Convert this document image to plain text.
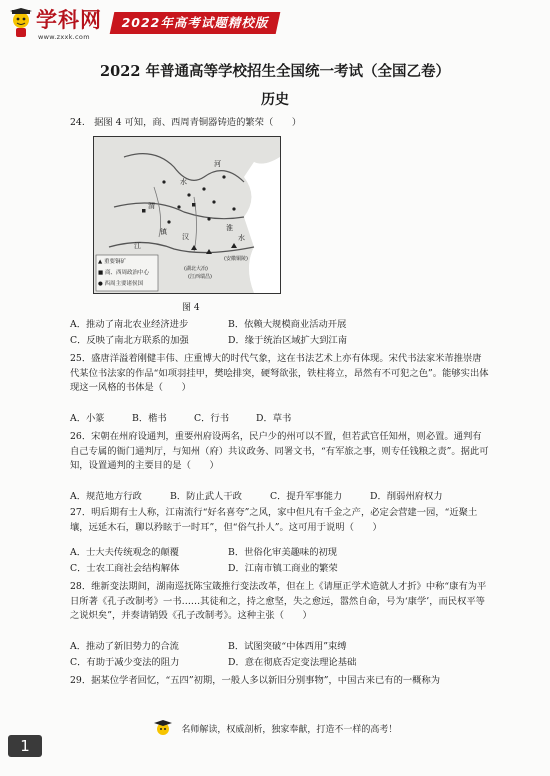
学科网
www.zxxk.com
2022年高考试题精校版
2022 年普通高等学校招生全国统一考试（全国乙卷）
历史
24.　据图 4 可知，商、西周青铜器铸造的繁荣（　　）
▲ 重要铜矿
■ 商、西周政治中心
● 西周主要诸侯国
渭
水
汉
江
淮
水
镇
(湖北大冶)
(江西瑞昌)
(安徽铜陵)
河
图 4
A．推动了南北农业经济进步	B．依赖大规模商业活动开展
C．反映了南北方联系的加强	D．缘于统治区域扩大到江南
25．盛唐洋溢着刚健丰伟、庄重博大的时代气象，这在书法艺术上亦有体现。宋代书法家米芾推崇唐代某位书法家的作品“如项羽挂甲，樊哙排突，硬弩欲张，铁柱将立，昂然有不可犯之色”。能够实出体现这一风格的书体是（　　）
A．小篆	B．楷书	C．行书	D．草书
26．宋朝在州府设通判，重要州府设两名，民户少的州可以不置，但若武官任知州，则必置。通判有自己专属的衙门通判厅，与知州（府）共议政务、同署文书，“有军旅之事，则专任钱粮之责”。据此可知，设置通判的主要目的是（　　）
A．规范地方行政	B．防止武人干政	C．提升军事能力	D．削弱州府权力
27．明后期有士人称，江南流行“好名喜夸”之风，家中但凡有千金之产，必定会营建一园，“近聚土壤，远延木石，聊以矜眩于一时耳”，但“俗气扑人”。这可用于说明（　　）
A．士大夫传统观念的颠覆	B．世俗化审美趣味的初现
C．士农工商社会结构解体	D．江南市镇工商业的繁荣
28．维新变法期间，湖南巡抚陈宝箴推行变法改革，但在上《请厘正学术造就人才折》中称“康有为平日所著《孔子改制考》一书……其徒和之，持之愈坚，失之愈远，嚣然自命，号为‘康学’，而民权平等之说炽矣”，并奏请销毁《孔子改制考》。这种主张（　　）
A．推动了新旧势力的合流	B．试图突破“中体西用”束缚
C．有助于减少变法的阻力	D．意在彻底否定变法理论基础
29．据某位学者回忆，“五四”初期，一般人多以新旧分别事物”，中国古来已有的一概称为
名师解读，权威剖析，独家奉献，打造不一样的高考！
1
